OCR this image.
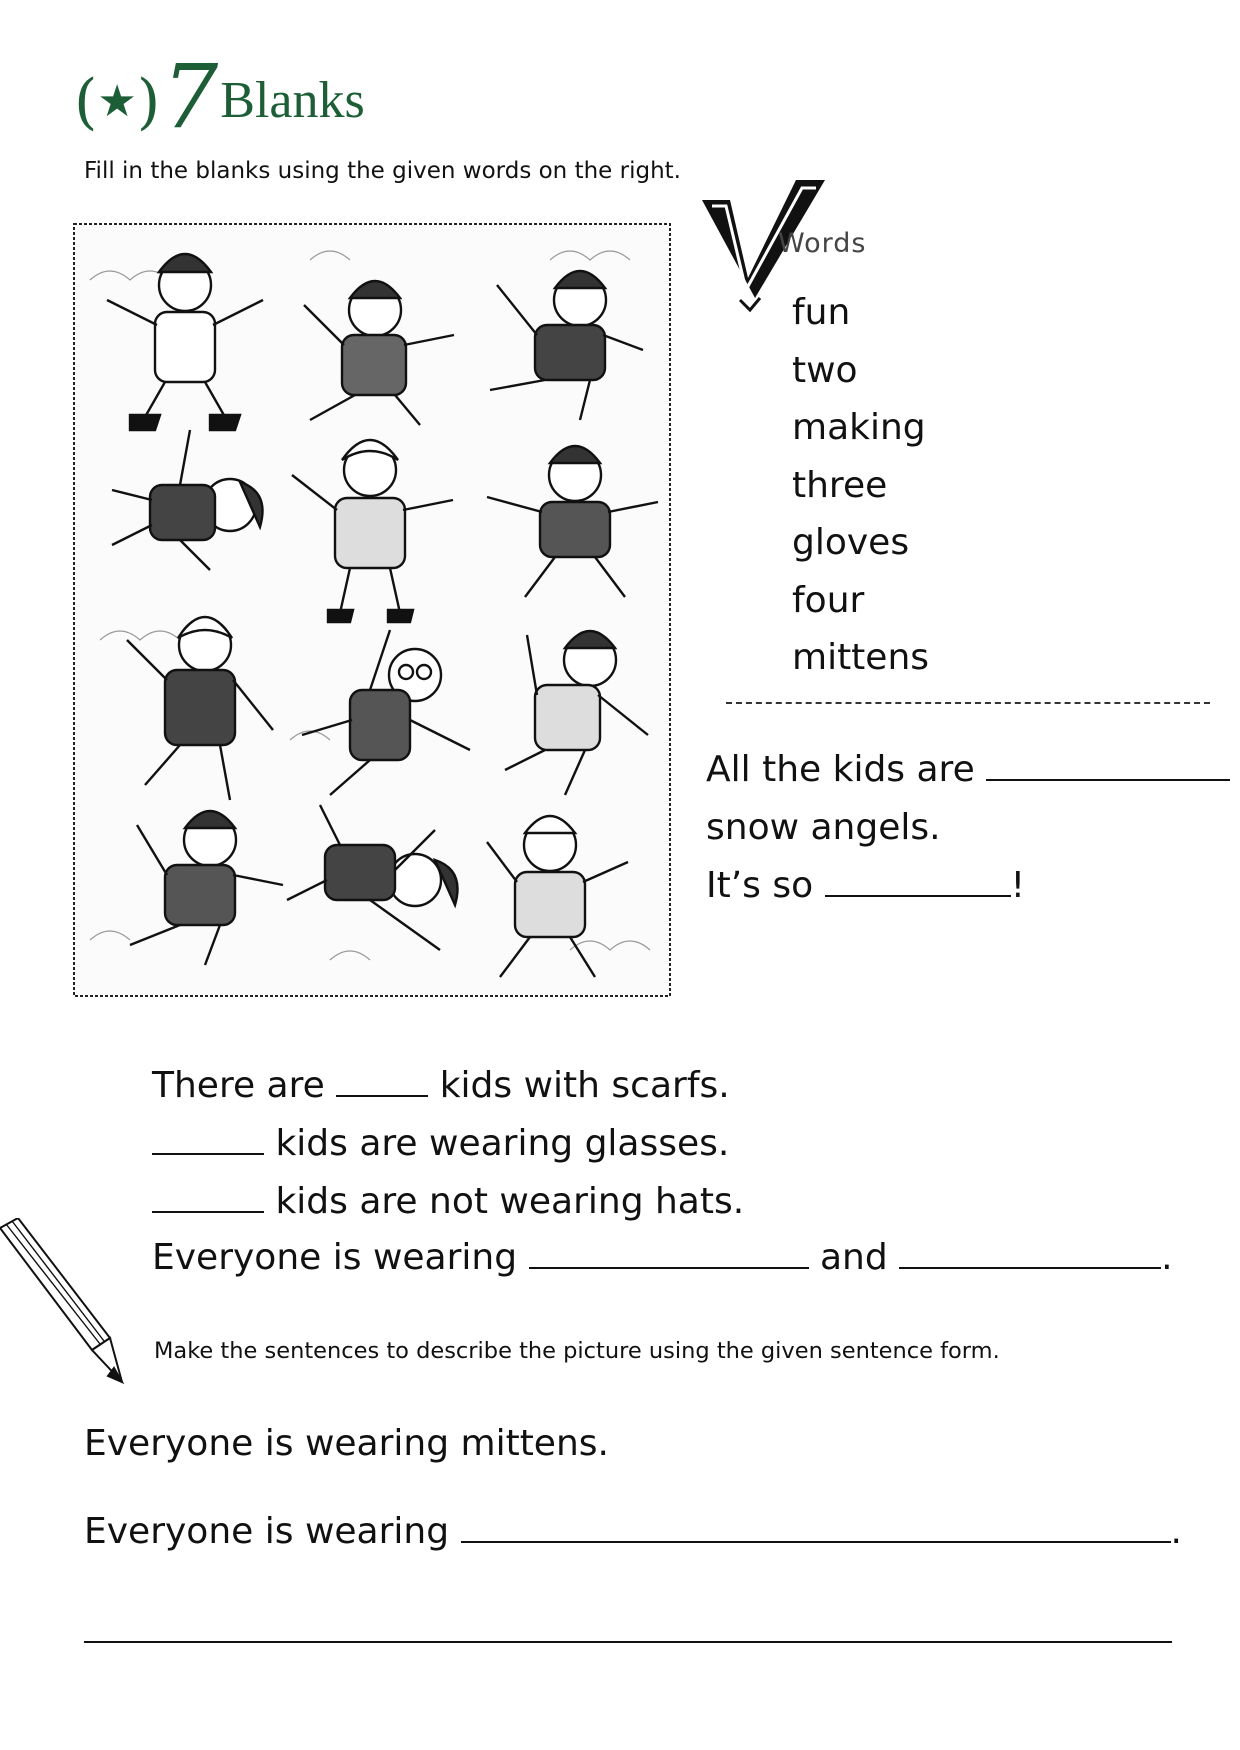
( ★ ) 7 Blanks
Fill in the blanks using the given words on the right.
Words
fun
two
making
three
gloves
four
mittens
All the kids are
snow angels.
It’s so	!
There are	kids with scarfs.
kids are wearing glasses.
kids are not wearing hats.
Everyone is wearing	and	.
Make the sentences to describe the picture using the given sentence form.
Everyone is wearing mittens.
Everyone is wearing	.
